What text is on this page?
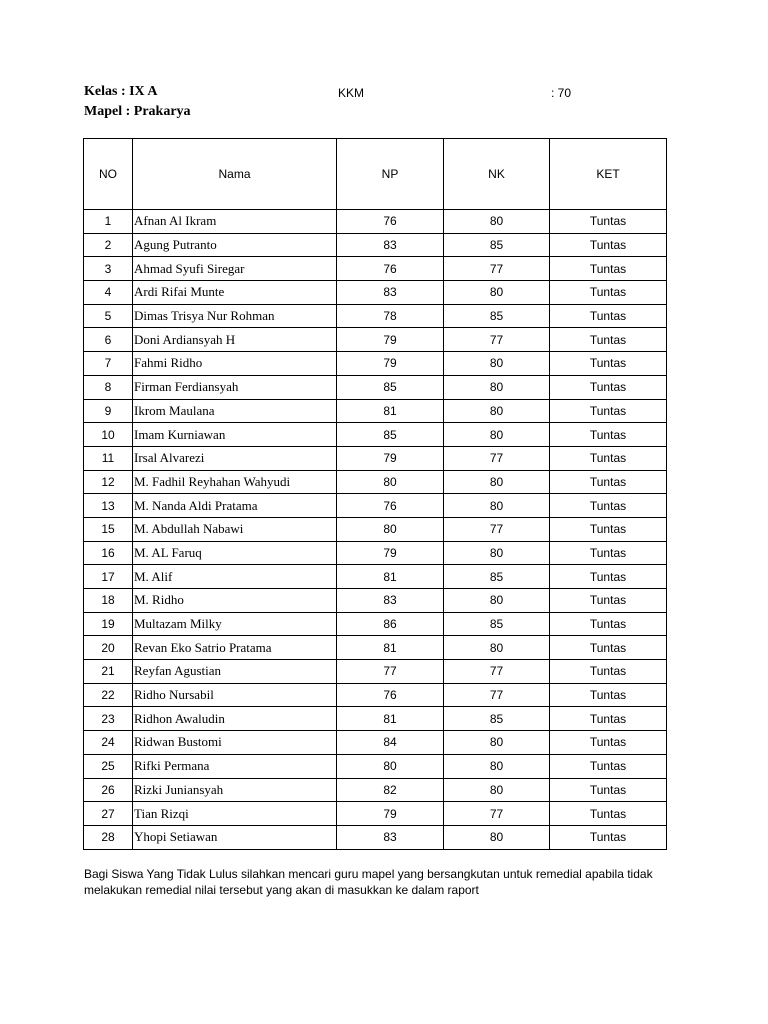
Kelas : IX A
Mapel : Prakarya
KKM	: 70
NO	Nama	NP	NK	KET
1	Afnan Al Ikram	76	80	Tuntas
2	Agung Putranto	83	85	Tuntas
3	Ahmad Syufi Siregar	76	77	Tuntas
4	Ardi Rifai Munte	83	80	Tuntas
5	Dimas Trisya Nur Rohman	78	85	Tuntas
6	Doni Ardiansyah H	79	77	Tuntas
7	Fahmi Ridho	79	80	Tuntas
8	Firman Ferdiansyah	85	80	Tuntas
9	Ikrom Maulana	81	80	Tuntas
10	Imam Kurniawan	85	80	Tuntas
11	Irsal Alvarezi	79	77	Tuntas
12	M. Fadhil Reyhahan Wahyudi	80	80	Tuntas
13	M. Nanda Aldi Pratama	76	80	Tuntas
15	M. Abdullah Nabawi	80	77	Tuntas
16	M. AL Faruq	79	80	Tuntas
17	M. Alif	81	85	Tuntas
18	M. Ridho	83	80	Tuntas
19	Multazam Milky	86	85	Tuntas
20	Revan Eko Satrio Pratama	81	80	Tuntas
21	Reyfan Agustian	77	77	Tuntas
22	Ridho Nursabil	76	77	Tuntas
23	Ridhon Awaludin	81	85	Tuntas
24	Ridwan Bustomi	84	80	Tuntas
25	Rifki Permana	80	80	Tuntas
26	Rizki Juniansyah	82	80	Tuntas
27	Tian Rizqi	79	77	Tuntas
28	Yhopi Setiawan	83	80	Tuntas
Bagi Siswa Yang Tidak Lulus silahkan mencari guru mapel yang bersangkutan untuk remedial apabila tidak melakukan remedial nilai tersebut yang akan di masukkan ke dalam raport
